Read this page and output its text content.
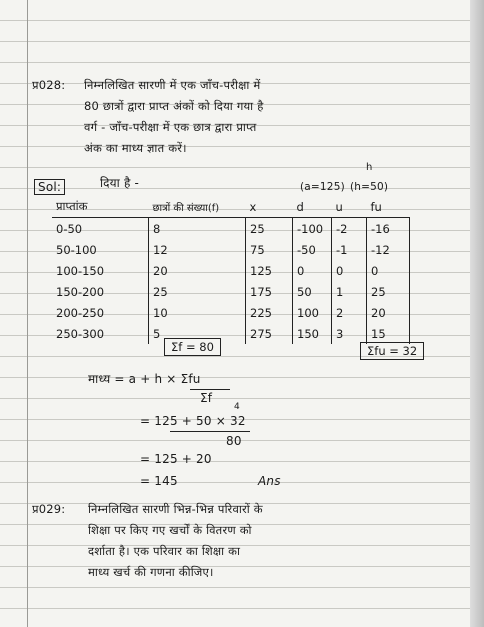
प्र028: निम्नलिखित सारणी में एक जाँच-परीक्षा में
80 छात्रों द्वारा प्राप्त अंकों को दिया गया है
वर्ग - जाँच-परीक्षा में एक छात्र द्वारा प्राप्त
अंक का माध्य ज्ञात करें।
Sol:	दिया है -
h
(a=125) (h=50)
प्राप्तांक	छात्रों की संख्या(f)	x	d	u	fu
0-50	8	25	-100	-2	-16
50-100	12	75	-50	-1	-12
100-150	20	125	0	0	0
150-200	25	175	50	1	25
200-250	10	225	100	2	20
250-300	5	275	150	3	15
Σf = 80	Σfu = 32
माध्य = a + h × Σfu
Σf
4
= 125 + 50 × 32
80
= 125 + 20
= 145	Ans
प्र029: निम्नलिखित सारणी भिन्न-भिन्न परिवारों के
शिक्षा पर किए गए खर्चों के वितरण को
दर्शाता है। एक परिवार का शिक्षा का
माध्य खर्च की गणना कीजिए।
